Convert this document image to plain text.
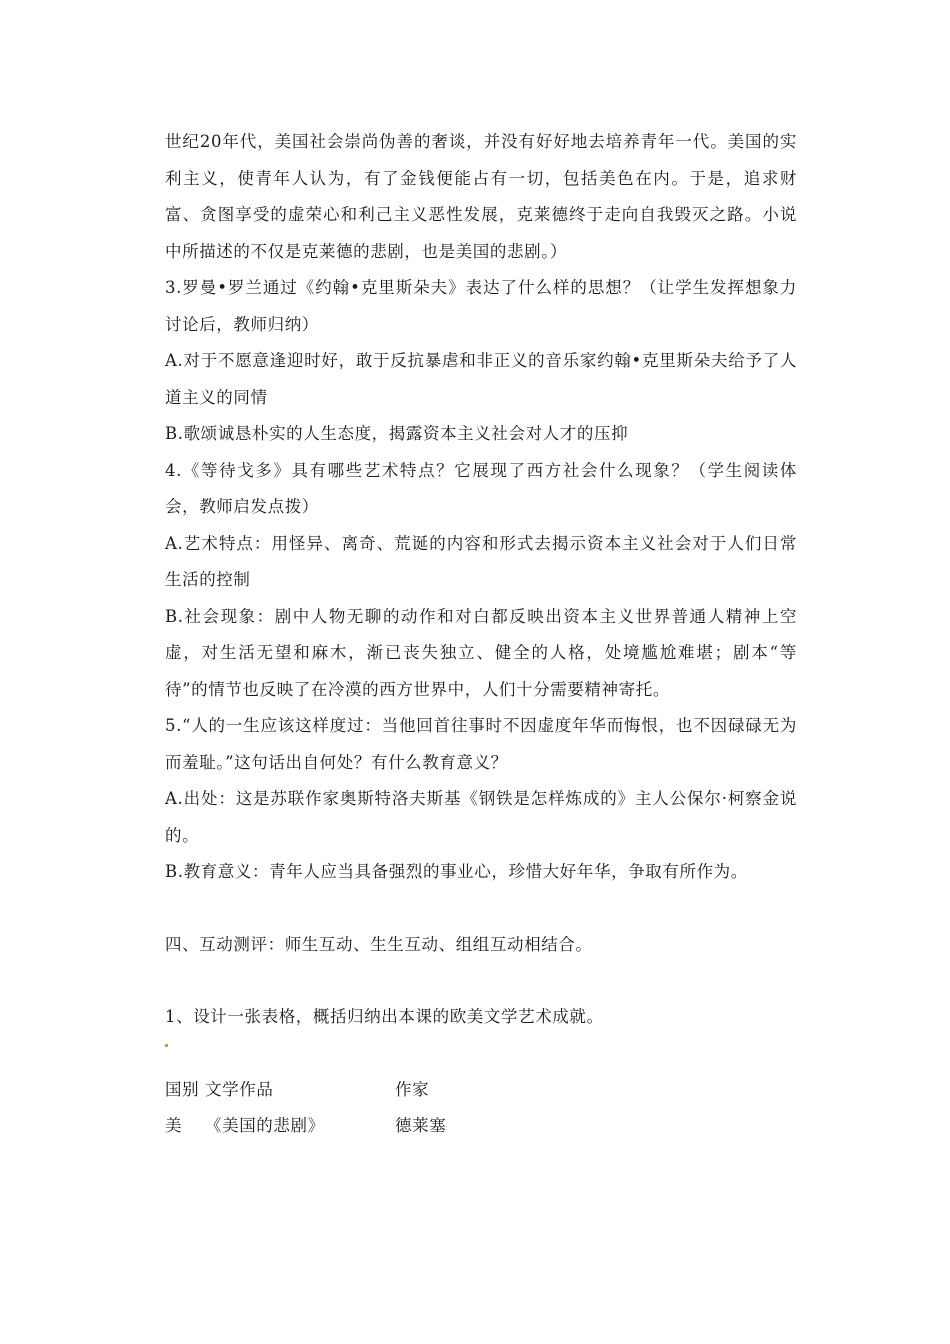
世纪20年代，美国社会崇尚伪善的奢谈，并没有好好地去培养青年一代。美国的实利主义，使青年人认为，有了金钱便能占有一切，包括美色在内。于是，追求财富、贪图享受的虚荣心和利己主义恶性发展，克莱德终于走向自我毁灭之路。小说中所描述的不仅是克莱德的悲剧，也是美国的悲剧。）

3.罗曼•罗兰通过《约翰•克里斯朵夫》表达了什么样的思想？（让学生发挥想象力讨论后，教师归纳）

A.对于不愿意逢迎时好，敢于反抗暴虐和非正义的音乐家约翰•克里斯朵夫给予了人道主义的同情

B.歌颂诚恳朴实的人生态度，揭露资本主义社会对人才的压抑

4.《等待戈多》具有哪些艺术特点？它展现了西方社会什么现象？（学生阅读体会，教师启发点拨）

A.艺术特点：用怪异、离奇、荒诞的内容和形式去揭示资本主义社会对于人们日常生活的控制

B.社会现象：剧中人物无聊的动作和对白都反映出资本主义世界普通人精神上空虚，对生活无望和麻木，渐已丧失独立、健全的人格，处境尴尬难堪；剧本“等待”的情节也反映了在冷漠的西方世界中，人们十分需要精神寄托。

5.“人的一生应该这样度过：当他回首往事时不因虚度年华而悔恨，也不因碌碌无为而羞耻。”这句话出自何处？有什么教育意义？

A.出处：这是苏联作家奥斯特洛夫斯基《钢铁是怎样炼成的》主人公保尔·柯察金说的。

B.教育意义：青年人应当具备强烈的事业心，珍惜大好年华，争取有所作为。

四、互动测评：师生互动、生生互动、组组互动相结合。

1、设计一张表格，概括归纳出本课的欧美文学艺术成就。

国别 文学作品	作家
美	《美国的悲剧》	德莱塞
